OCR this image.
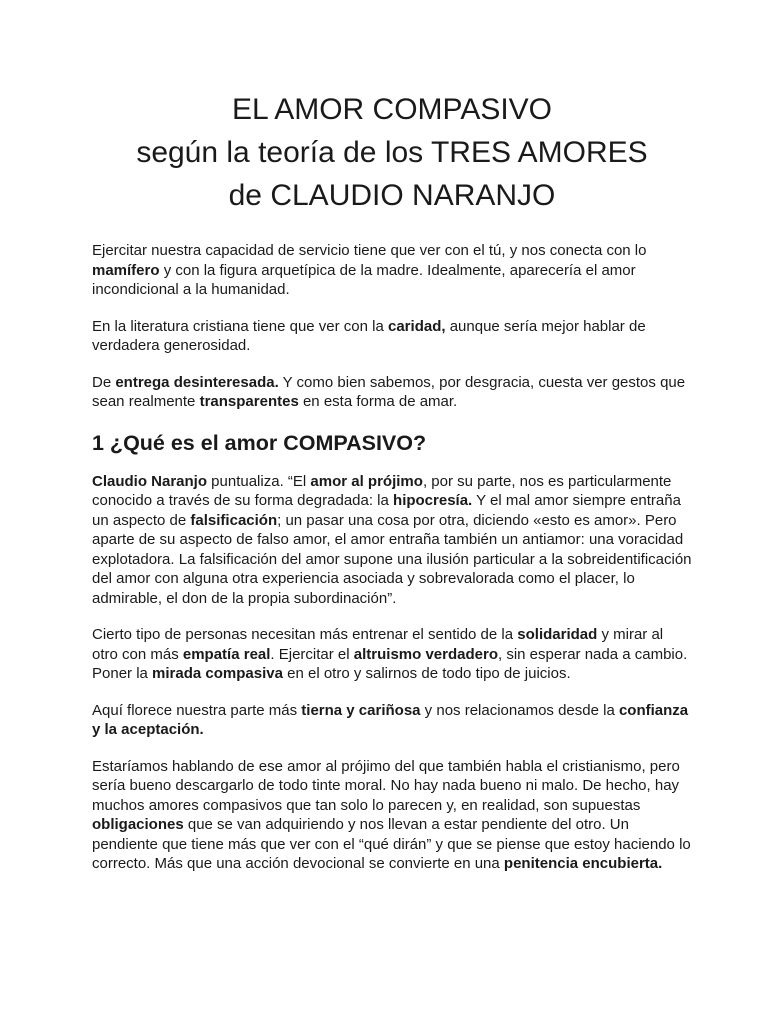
EL AMOR COMPASIVO
según la teoría de los TRES AMORES
de CLAUDIO NARANJO

Ejercitar nuestra capacidad de servicio tiene que ver con el tú, y nos conecta con lo mamífero y con la figura arquetípica de la madre. Idealmente, aparecería el amor incondicional a la humanidad.

En la literatura cristiana tiene que ver con la caridad, aunque sería mejor hablar de verdadera generosidad.

De entrega desinteresada. Y como bien sabemos, por desgracia, cuesta ver gestos que sean realmente transparentes en esta forma de amar.

1 ¿Qué es el amor COMPASIVO?

Claudio Naranjo puntualiza. “El amor al prójimo, por su parte, nos es particularmente conocido a través de su forma degradada: la hipocresía. Y el mal amor siempre entraña un aspecto de falsificación; un pasar una cosa por otra, diciendo «esto es amor». Pero aparte de su aspecto de falso amor, el amor entraña también un antiamor: una voracidad explotadora. La falsificación del amor supone una ilusión particular a la sobreidentificación del amor con alguna otra experiencia asociada y sobrevalorada como el placer, lo admirable, el don de la propia subordinación”.

Cierto tipo de personas necesitan más entrenar el sentido de la solidaridad y mirar al otro con más empatía real. Ejercitar el altruismo verdadero, sin esperar nada a cambio. Poner la mirada compasiva en el otro y salirnos de todo tipo de juicios.

Aquí florece nuestra parte más tierna y cariñosa y nos relacionamos desde la confianza y la aceptación.

Estaríamos hablando de ese amor al prójimo del que también habla el cristianismo, pero sería bueno descargarlo de todo tinte moral. No hay nada bueno ni malo. De hecho, hay muchos amores compasivos que tan solo lo parecen y, en realidad, son supuestas obligaciones que se van adquiriendo y nos llevan a estar pendiente del otro. Un pendiente que tiene más que ver con el “qué dirán” y que se piense que estoy haciendo lo correcto. Más que una acción devocional se convierte en una penitencia encubierta.
